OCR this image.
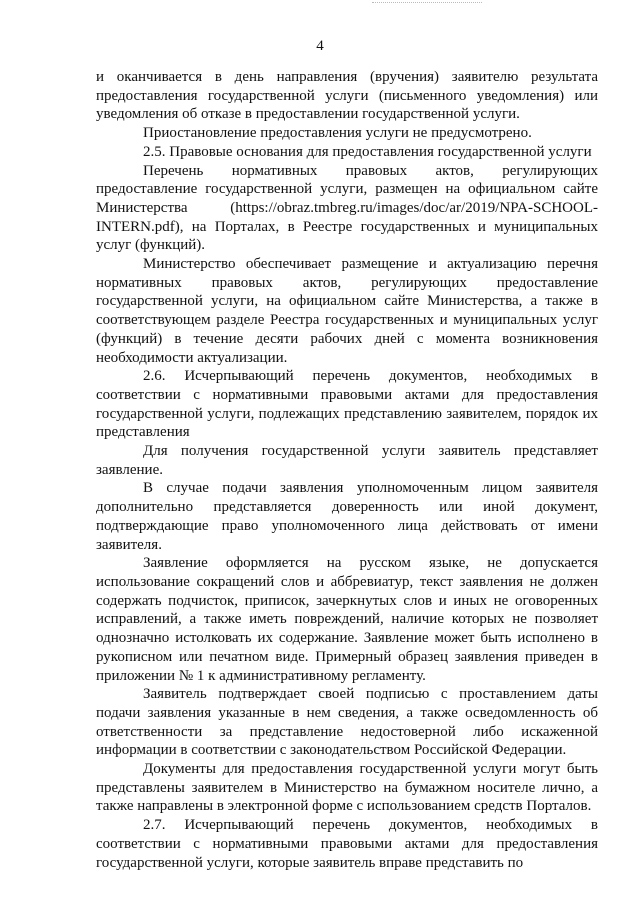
4

и оканчивается в день направления (вручения) заявителю результата предоставления государственной услуги (письменного уведомления) или уведомления об отказе в предоставлении государственной услуги.

Приостановление предоставления услуги не предусмотрено.

2.5. Правовые основания для предоставления государственной услуги

Перечень нормативных правовых актов, регулирующих предоставление государственной услуги, размещен на официальном сайте Министерства (https://obraz.tmbreg.ru/images/doc/ar/2019/NPA-SCHOOL-INTERN.pdf), на Порталах, в Реестре государственных и муниципальных услуг (функций).

Министерство обеспечивает размещение и актуализацию перечня нормативных правовых актов, регулирующих предоставление государственной услуги, на официальном сайте Министерства, а также в соответствующем разделе Реестра государственных и муниципальных услуг (функций) в течение десяти рабочих дней с момента возникновения необходимости актуализации.

2.6. Исчерпывающий перечень документов, необходимых в соответствии с нормативными правовыми актами для предоставления государственной услуги, подлежащих представлению заявителем, порядок их представления

Для получения государственной услуги заявитель представляет заявление.

В случае подачи заявления уполномоченным лицом заявителя дополнительно представляется доверенность или иной документ, подтверждающие право уполномоченного лица действовать от имени заявителя.

Заявление оформляется на русском языке, не допускается использование сокращений слов и аббревиатур, текст заявления не должен содержать подчисток, приписок, зачеркнутых слов и иных не оговоренных исправлений, а также иметь повреждений, наличие которых не позволяет однозначно истолковать их содержание. Заявление может быть исполнено в рукописном или печатном виде. Примерный образец заявления приведен в приложении № 1 к административному регламенту.

Заявитель подтверждает своей подписью с проставлением даты подачи заявления указанные в нем сведения, а также осведомленность об ответственности за представление недостоверной либо искаженной информации в соответствии с законодательством Российской Федерации.

Документы для предоставления государственной услуги могут быть представлены заявителем в Министерство на бумажном носителе лично, а также направлены в электронной форме с использованием средств Порталов.

2.7. Исчерпывающий перечень документов, необходимых в соответствии с нормативными правовыми актами для предоставления государственной услуги, которые заявитель вправе представить по
